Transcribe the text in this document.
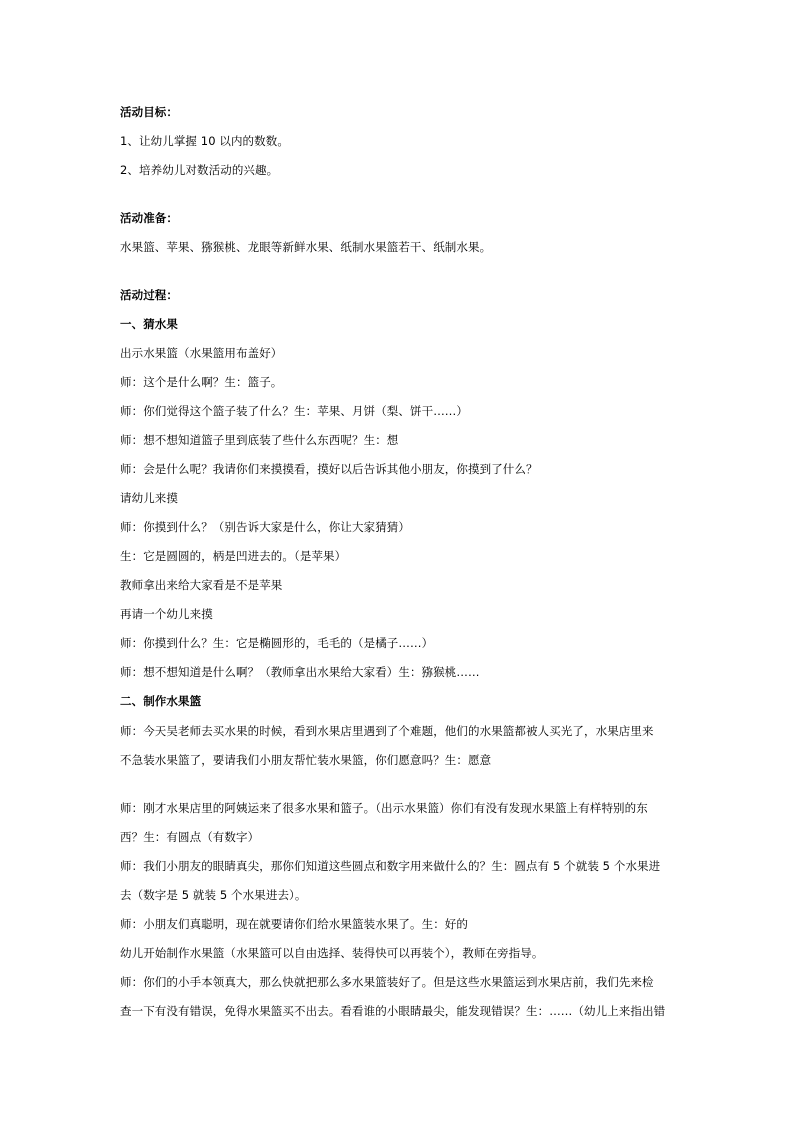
活动目标：
1、让幼儿掌握 10 以内的数数。
2、培养幼儿对数活动的兴趣。
活动准备：
水果篮、苹果、猕猴桃、龙眼等新鲜水果、纸制水果篮若干、纸制水果。
活动过程：
一、猜水果
出示水果篮（水果篮用布盖好）
师：这个是什么啊？生：篮子。
师：你们觉得这个篮子装了什么？生：苹果、月饼（梨、饼干……）
师：想不想知道篮子里到底装了些什么东西呢？生：想
师：会是什么呢？我请你们来摸摸看，摸好以后告诉其他小朋友，你摸到了什么？
请幼儿来摸
师：你摸到什么？（别告诉大家是什么，你让大家猜猜）
生：它是圆圆的，柄是凹进去的。（是苹果）
教师拿出来给大家看是不是苹果
再请一个幼儿来摸
师：你摸到什么？生：它是椭圆形的，毛毛的（是橘子……）
师：想不想知道是什么啊？（教师拿出水果给大家看）生：猕猴桃……
二、制作水果篮
师：今天吴老师去买水果的时候，看到水果店里遇到了个难题，他们的水果篮都被人买光了，水果店里来
不急装水果篮了，要请我们小朋友帮忙装水果篮，你们愿意吗？生：愿意
师：刚才水果店里的阿姨运来了很多水果和篮子。（出示水果篮）你们有没有发现水果篮上有样特别的东
西？生：有圆点（有数字）
师：我们小朋友的眼睛真尖，那你们知道这些圆点和数字用来做什么的？生：圆点有 5 个就装 5 个水果进
去（数字是 5 就装 5 个水果进去）。
师：小朋友们真聪明，现在就要请你们给水果篮装水果了。生：好的
幼儿开始制作水果篮（水果篮可以自由选择、装得快可以再装个），教师在旁指导。
师：你们的小手本领真大，那么快就把那么多水果篮装好了。但是这些水果篮运到水果店前，我们先来检
查一下有没有错误，免得水果篮买不出去。看看谁的小眼睛最尖，能发现错误？生：……（幼儿上来指出错
